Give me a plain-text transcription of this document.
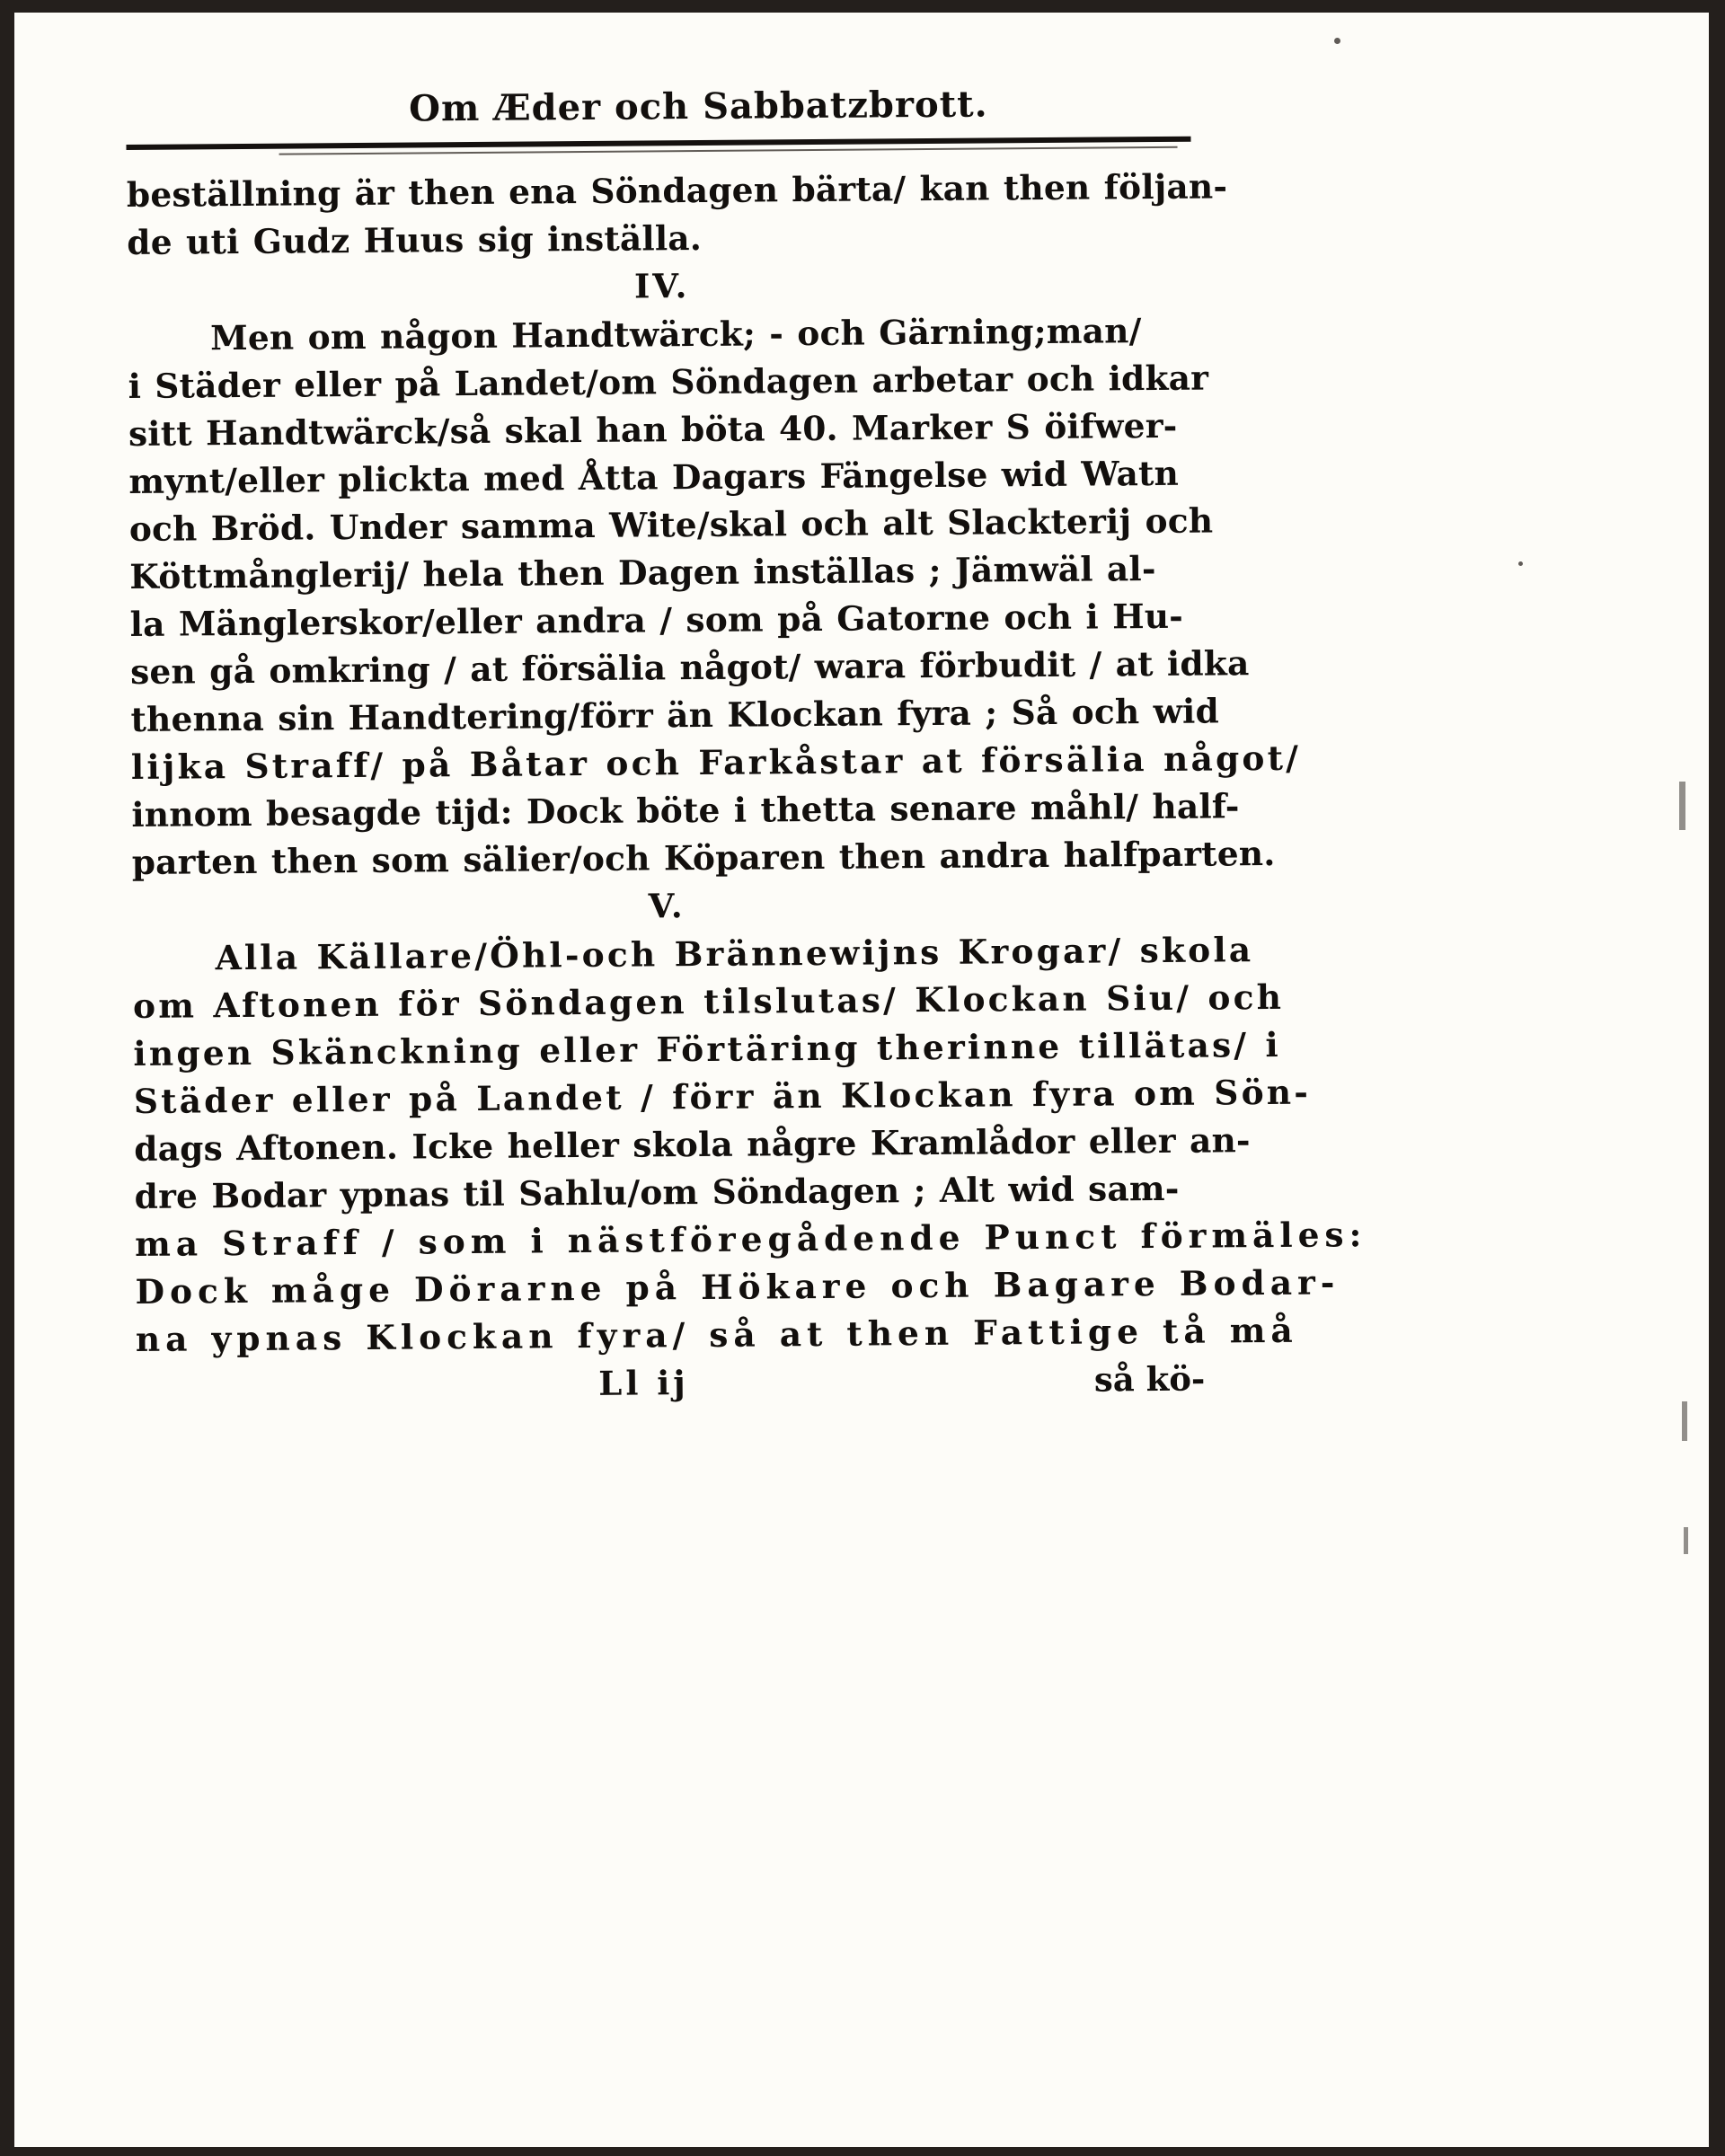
Om Æder och Sabbatzbrott.
beställning är then ena Söndagen bärta/ kan then följan-
de uti Gudz Huus sig inställa.
IV.
Men om någon Handtwärck; - och Gärning;man/
i Städer eller på Landet/om Söndagen arbetar och idkar
sitt Handtwärck/så skal han böta 40. Marker S öifwer-
mynt/eller plickta med Åtta Dagars Fängelse wid Watn
och Bröd. Under samma Wite/skal och alt Slackterij och
Köttmånglerij/ hela then Dagen inställas ; Jämwäl al-
la Mänglerskor/eller andra / som på Gatorne och i Hu-
sen gå omkring / at försälia något/ wara förbudit / at idka
thenna sin Handtering/förr än Klockan fyra ; Så och wid
lijka Straff/ på Båtar och Farkåstar at försälia något/
innom besagde tijd: Dock böte i thetta senare måhl/ half-
parten then som sälier/och Köparen then andra halfparten.
V.
Alla Källare/Öhl-och Brännewijns Krogar/ skola
om Aftonen för Söndagen tilslutas/ Klockan Siu/ och
ingen Skänckning eller Förtäring therinne tillätas/ i
Städer eller på Landet / förr än Klockan fyra om Sön-
dags Aftonen. Icke heller skola någre Kramlådor eller an-
dre Bodar ypnas til Sahlu/om Söndagen ; Alt wid sam-
ma Straff / som i nästföregådende Punct förmäles:
Dock måge Dörarne på Hökare och Bagare Bodar-
na ypnas Klockan fyra/ så at then Fattige tå må
Ll ij	så kö-
